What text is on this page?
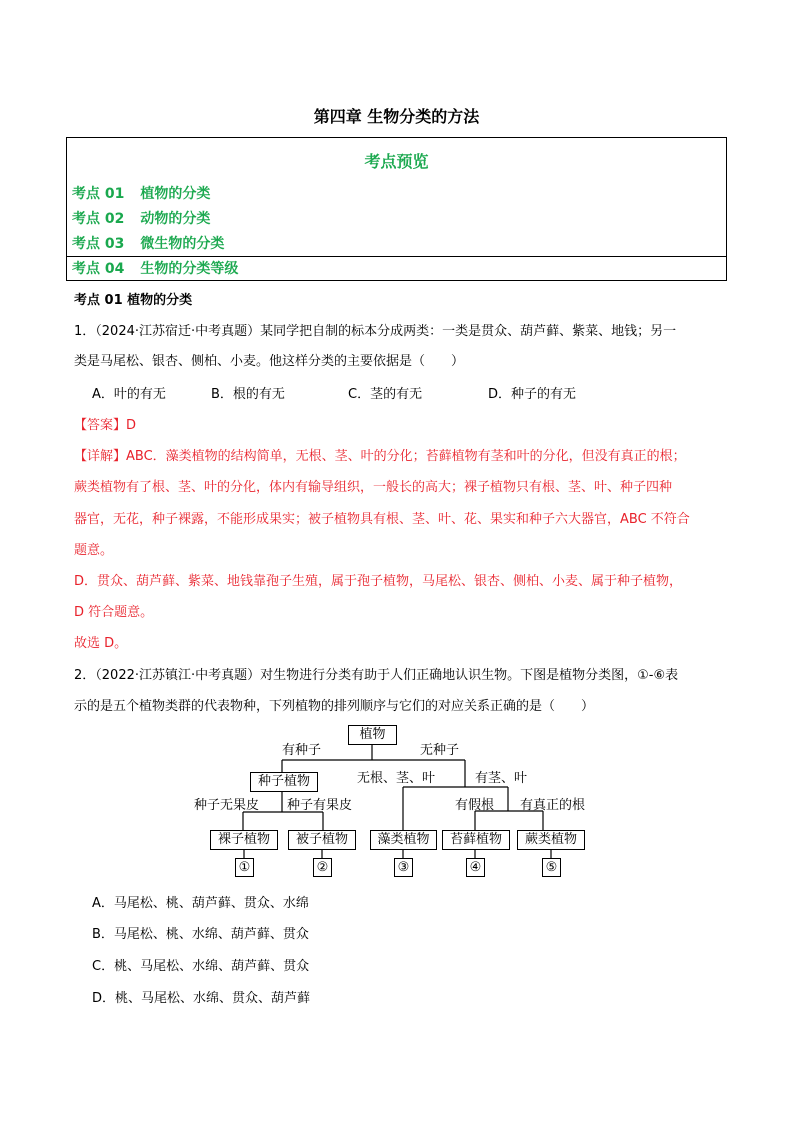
第四章 生物分类的方法
考点预览
考点 01 植物的分类
考点 02 动物的分类
考点 03 微生物的分类
考点 04 生物的分类等级
考点 01 植物的分类
1．（2024·江苏宿迁·中考真题）某同学把自制的标本分成两类：一类是贯众、葫芦藓、紫菜、地钱；另一
类是马尾松、银杏、侧柏、小麦。他这样分类的主要依据是（　　）
A．叶的有无	B．根的有无	C．茎的有无	D．种子的有无
【答案】D
【详解】ABC．藻类植物的结构简单，无根、茎、叶的分化；苔藓植物有茎和叶的分化，但没有真正的根；
蕨类植物有了根、茎、叶的分化，体内有输导组织，一般长的高大；裸子植物只有根、茎、叶、种子四种
器官，无花，种子裸露，不能形成果实；被子植物具有根、茎、叶、花、果实和种子六大器官，ABC 不符合
题意。
D．贯众、葫芦藓、紫菜、地钱靠孢子生殖，属于孢子植物，马尾松、银杏、侧柏、小麦、属于种子植物，
D 符合题意。
故选 D。
2．（2022·江苏镇江·中考真题）对生物进行分类有助于人们正确地认识生物。下图是植物分类图，①-⑥表
示的是五个植物类群的代表物种，下列植物的排列顺序与它们的对应关系正确的是（　　）
植物
有种子	无种子
种子植物	无根、茎、叶	有茎、叶
种子无果皮 种子有果皮	有假根 有真正的根
裸子植物	被子植物	藻类植物	苔藓植物	蕨类植物
①	②	③	④	⑤
A．马尾松、桃、葫芦藓、贯众、水绵
B．马尾松、桃、水绵、葫芦藓、贯众
C．桃、马尾松、水绵、葫芦藓、贯众
D．桃、马尾松、水绵、贯众、葫芦藓
